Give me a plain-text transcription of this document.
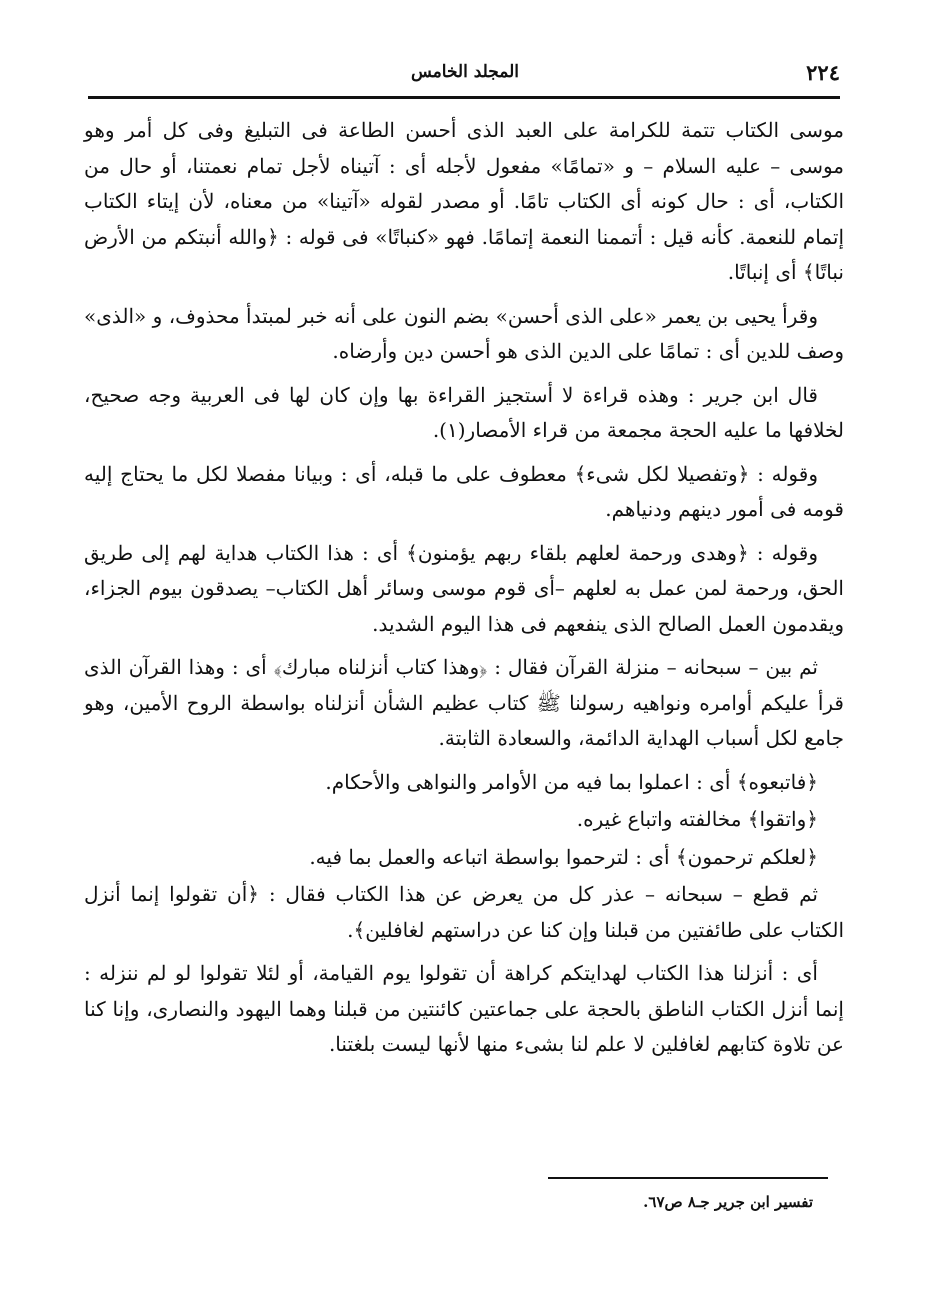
٢٢٤
المجلد الخامس

موسى الكتاب تتمة للكرامة على العبد الذى أحسن الطاعة فى التبليغ وفى كل أمر وهو موسى – عليه السلام – و «تمامًا» مفعول لأجله أى : آتيناه لأجل تمام نعمتنا، أو حال من الكتاب، أى : حال كونه أى الكتاب تامًا. أو مصدر لقوله «آتينا» من معناه، لأن إيتاء الكتاب إتمام للنعمة. كأنه قيل : أتممنا النعمة إتمامًا. فهو «كنباتًا» فى قوله : ﴿والله أنبتكم من الأرض نباتًا﴾ أى إنباتًا.

وقرأ يحيى بن يعمر «على الذى أحسن» بضم النون على أنه خبر لمبتدأ محذوف، و «الذى» وصف للدين أى : تمامًا على الدين الذى هو أحسن دين وأرضاه.

قال ابن جرير : وهذه قراءة لا أستجيز القراءة بها وإن كان لها فى العربية وجه صحيح، لخلافها ما عليه الحجة مجمعة من قراء الأمصار(١).

وقوله : ﴿وتفصيلا لكل شىء﴾ معطوف على ما قبله، أى : وبيانا مفصلا لكل ما يحتاج إليه قومه فى أمور دينهم ودنياهم.

وقوله : ﴿وهدى ورحمة لعلهم بلقاء ربهم يؤمنون﴾ أى : هذا الكتاب هداية لهم إلى طريق الحق، ورحمة لمن عمل به لعلهم –أى قوم موسى وسائر أهل الكتاب– يصدقون بيوم الجزاء، ويقدمون العمل الصالح الذى ينفعهم فى هذا اليوم الشديد.

ثم بين – سبحانه – منزلة القرآن فقال : ﴿وهذا كتاب أنزلناه مبارك﴾ أى : وهذا القرآن الذى قرأ عليكم أوامره ونواهيه رسولنا ﷺ كتاب عظيم الشأن أنزلناه بواسطة الروح الأمين، وهو جامع لكل أسباب الهداية الدائمة، والسعادة الثابتة.

﴿فاتبعوه﴾ أى : اعملوا بما فيه من الأوامر والنواهى والأحكام.

﴿واتقوا﴾ مخالفته واتباع غيره.

﴿لعلكم ترحمون﴾ أى : لترحموا بواسطة اتباعه والعمل بما فيه.

ثم قطع – سبحانه – عذر كل من يعرض عن هذا الكتاب فقال : ﴿أن تقولوا إنما أنزل الكتاب على طائفتين من قبلنا وإن كنا عن دراستهم لغافلين﴾.

أى : أنزلنا هذا الكتاب لهدايتكم كراهة أن تقولوا يوم القيامة، أو لئلا تقولوا لو لم ننزله : إنما أنزل الكتاب الناطق بالحجة على جماعتين كائنتين من قبلنا وهما اليهود والنصارى، وإنا كنا عن تلاوة كتابهم لغافلين لا علم لنا بشىء منها لأنها ليست بلغتنا.

تفسير ابن جرير جـ٨ ص٦٧.
